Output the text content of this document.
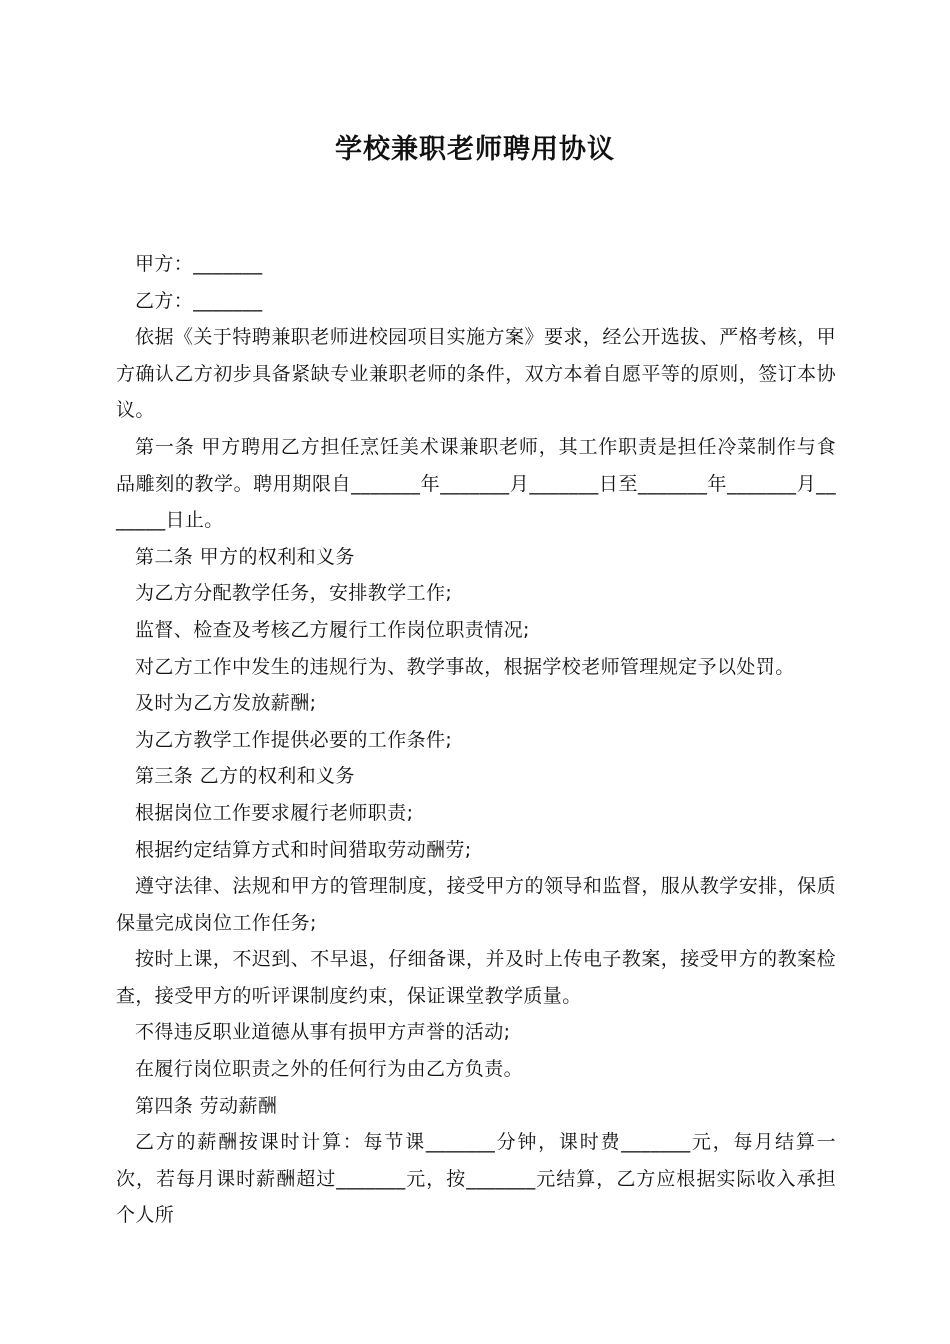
学校兼职老师聘用协议

甲方：_______

乙方：_______

依据《关于特聘兼职老师进校园项目实施方案》要求，经公开选拔、严格考核，甲方确认乙方初步具备紧缺专业兼职老师的条件，双方本着自愿平等的原则，签订本协议。

第一条 甲方聘用乙方担任烹饪美术课兼职老师，其工作职责是担任冷菜制作与食品雕刻的教学。聘用期限自_______年_______月_______日至_______年_______月_______日止。

第二条 甲方的权利和义务

为乙方分配教学任务，安排教学工作;

监督、检查及考核乙方履行工作岗位职责情况;

对乙方工作中发生的违规行为、教学事故，根据学校老师管理规定予以处罚。

及时为乙方发放薪酬;

为乙方教学工作提供必要的工作条件;

第三条 乙方的权利和义务

根据岗位工作要求履行老师职责;

根据约定结算方式和时间猎取劳动酬劳;

遵守法律、法规和甲方的管理制度，接受甲方的领导和监督，服从教学安排，保质保量完成岗位工作任务;

按时上课，不迟到、不早退，仔细备课，并及时上传电子教案，接受甲方的教案检查，接受甲方的听评课制度约束，保证课堂教学质量。

不得违反职业道德从事有损甲方声誉的活动;

在履行岗位职责之外的任何行为由乙方负责。

第四条 劳动薪酬

乙方的薪酬按课时计算：每节课_______分钟，课时费_______元，每月结算一次，若每月课时薪酬超过_______元，按_______元结算，乙方应根据实际收入承担个人所
